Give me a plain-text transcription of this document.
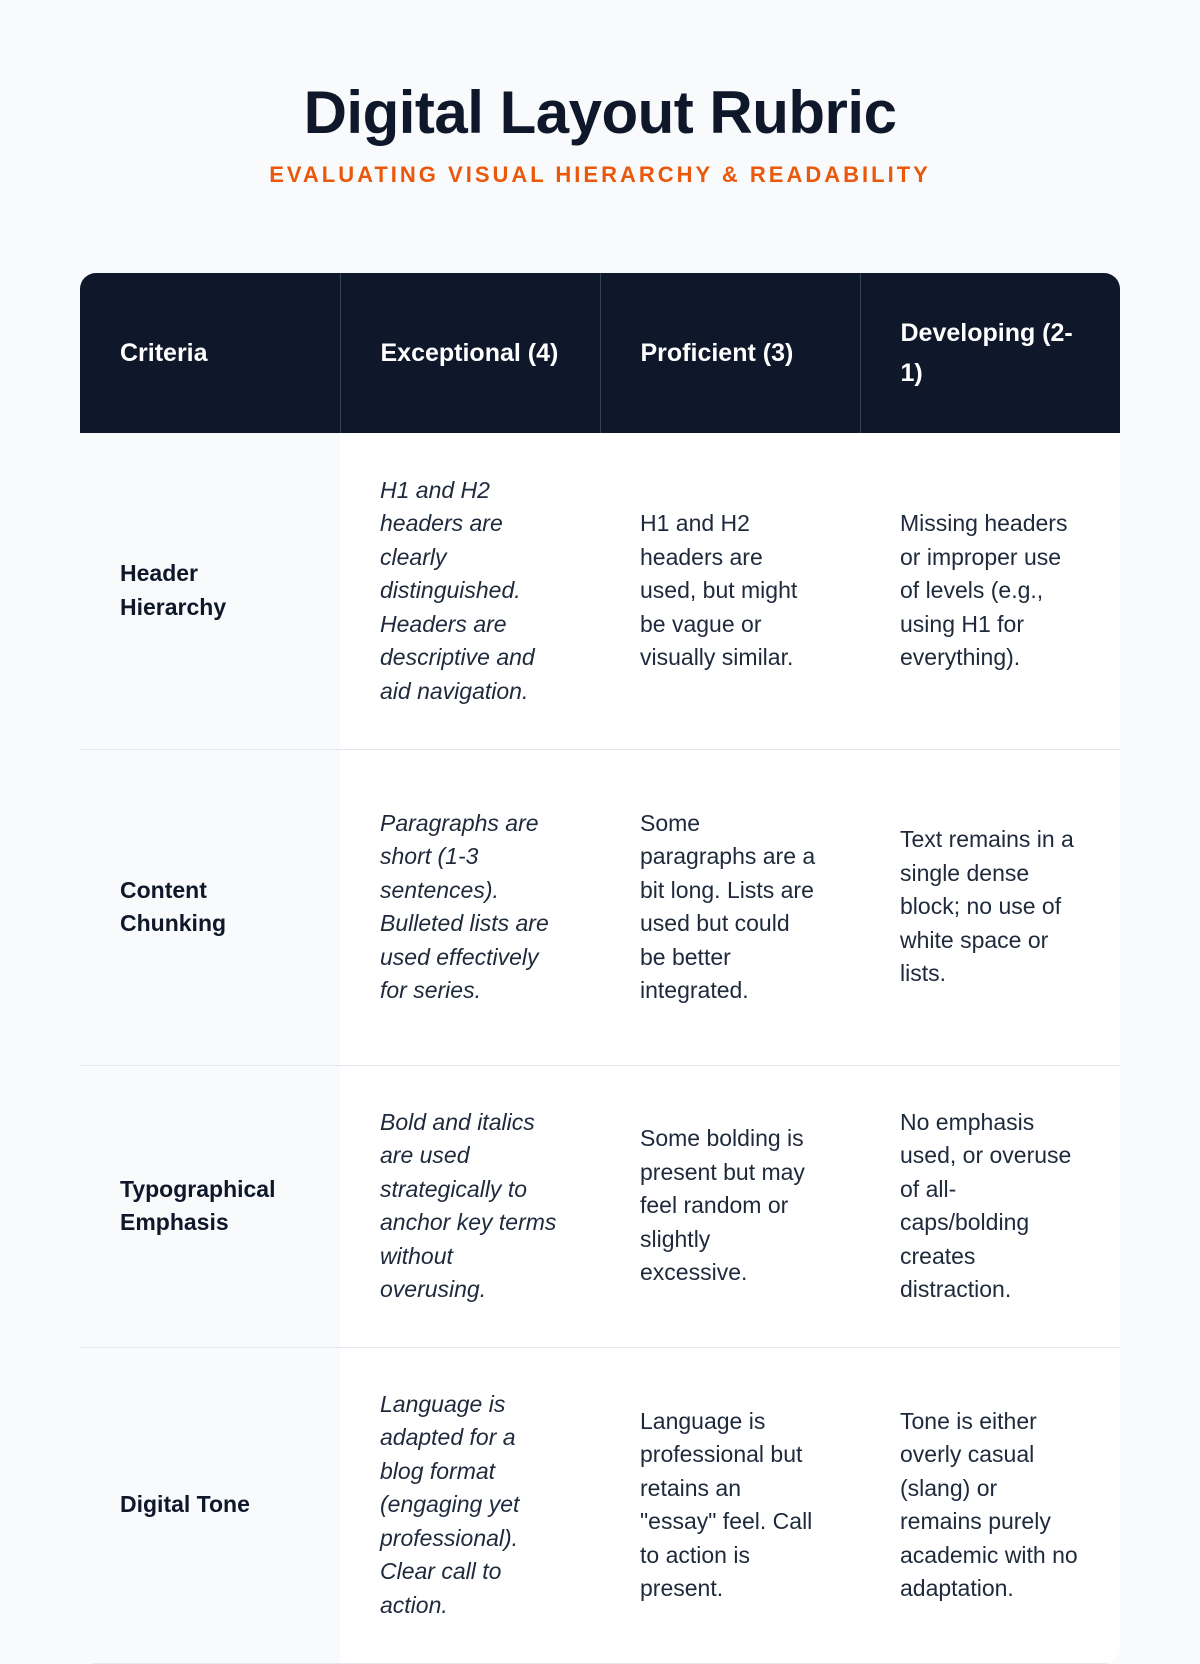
Digital Layout Rubric
EVALUATING VISUAL HIERARCHY & READABILITY
Criteria	Exceptional (4)	Proficient (3)	Developing (2-1)
Header Hierarchy	H1 and H2 headers are clearly distinguished. Headers are descriptive and aid navigation.	H1 and H2 headers are used, but might be vague or visually similar.	Missing headers or improper use of levels (e.g., using H1 for everything).
Content Chunking	Paragraphs are short (1-3 sentences). Bulleted lists are used effectively for series.	Some paragraphs are a bit long. Lists are used but could be better integrated.	Text remains in a single dense block; no use of white space or lists.
Typographical Emphasis	Bold and italics are used strategically to anchor key terms without overusing.	Some bolding is present but may feel random or slightly excessive.	No emphasis used, or overuse of all-caps/bolding creates distraction.
Digital Tone	Language is adapted for a blog format (engaging yet professional). Clear call to action.	Language is professional but retains an "essay" feel. Call to action is present.	Tone is either overly casual (slang) or remains purely academic with no adaptation.
